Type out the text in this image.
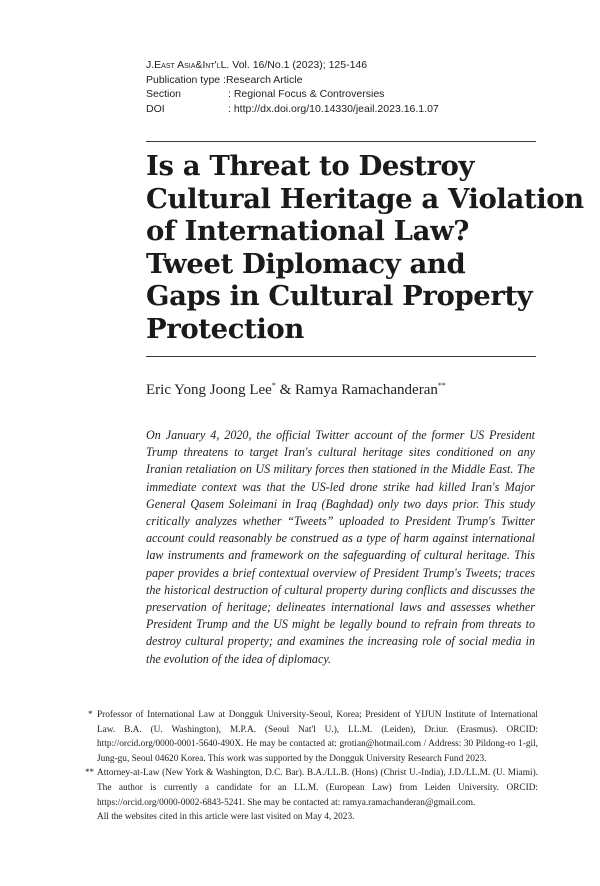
J. East Asia & Int'l L. Vol. 16/No.1 (2023); 125-146
Publication type : Research Article
Section	: Regional Focus & Controversies
DOI	: http://dx.doi.org/10.14330/jeail.2023.16.1.07
Is a Threat to Destroy
Cultural Heritage a Violation
of International Law?
Tweet Diplomacy and
Gaps in Cultural Property
Protection
Eric Yong Joong Lee* & Ramya Ramachanderan**

On January 4, 2020, the official Twitter account of the former US President Trump threatens to target Iran's cultural heritage sites conditioned on any Iranian retaliation on US military forces then stationed in the Middle East. The immediate context was that the US-led drone strike had killed Iran's Major General Qasem Soleimani in Iraq (Baghdad) only two days prior. This study critically analyzes whether “Tweets” uploaded to President Trump's Twitter account could reasonably be construed as a type of harm against international law instruments and framework on the safeguarding of cultural heritage. This paper provides a brief contextual overview of President Trump's Tweets; traces the historical destruction of cultural property during conflicts and discusses the preservation of heritage; delineates international laws and assesses whether President Trump and the US might be legally bound to refrain from threats to destroy cultural property; and examines the increasing role of social media in the evolution of the idea of diplomacy.

* Professor of International Law at Dongguk University-Seoul, Korea; President of YIJUN Institute of International Law. B.A. (U. Washington), M.P.A. (Seoul Nat'l U.), LL.M. (Leiden), Dr.iur. (Erasmus). ORCID: http://orcid.org/0000-0001-5640-490X. He may be contacted at: grotian@hotmail.com / Address: 30 Pildong-ro 1-gil, Jung-gu, Seoul 04620 Korea. This work was supported by the Dongguk University Research Fund 2023.
** Attorney-at-Law (New York & Washington, D.C. Bar). B.A./LL.B. (Hons) (Christ U.-India), J.D./LL.M. (U. Miami). The author is currently a candidate for an LL.M. (European Law) from Leiden University. ORCID: https://orcid.org/0000-0002-6843-5241. She may be contacted at: ramya.ramachanderan@gmail.com.
All the websites cited in this article were last visited on May 4, 2023.
